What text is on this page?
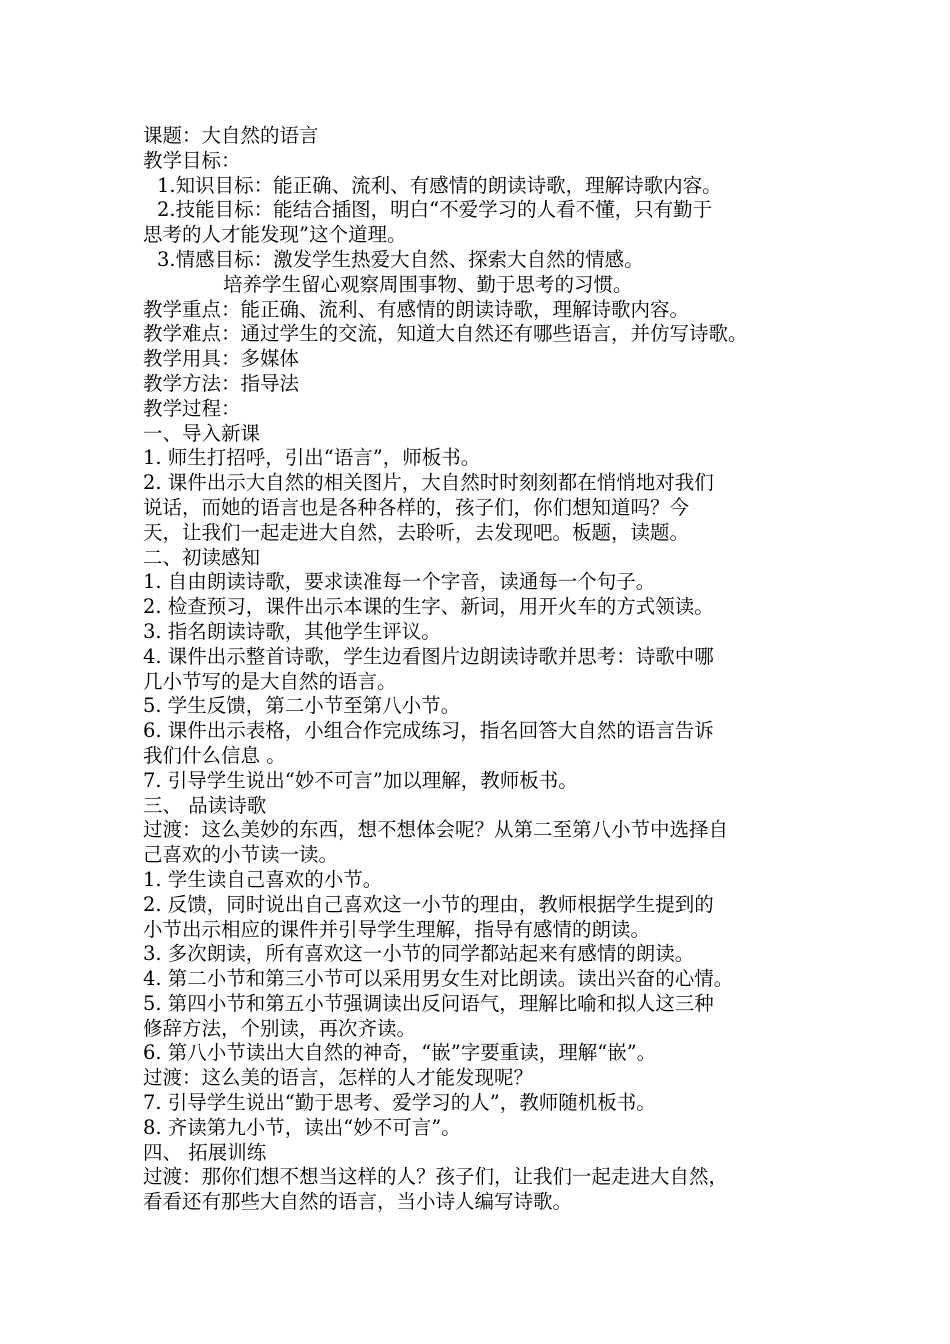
课题：大自然的语言
教学目标：
1.知识目标：能正确、流利、有感情的朗读诗歌，理解诗歌内容。
2.技能目标：能结合插图，明白“不爱学习的人看不懂，只有勤于
思考的人才能发现”这个道理。
3.情感目标：激发学生热爱大自然、探索大自然的情感。
培养学生留心观察周围事物、勤于思考的习惯。
教学重点：能正确、流利、有感情的朗读诗歌，理解诗歌内容。
教学难点：通过学生的交流，知道大自然还有哪些语言，并仿写诗歌。
教学用具：多媒体
教学方法：指导法
教学过程：
一、导入新课
1. 师生打招呼，引出“语言”，师板书。
2. 课件出示大自然的相关图片，大自然时时刻刻都在悄悄地对我们
说话，而她的语言也是各种各样的，孩子们，你们想知道吗？今
天，让我们一起走进大自然，去聆听，去发现吧。板题，读题。
二、初读感知
1. 自由朗读诗歌，要求读准每一个字音，读通每一个句子。
2. 检查预习，课件出示本课的生字、新词，用开火车的方式领读。
3. 指名朗读诗歌，其他学生评议。
4. 课件出示整首诗歌，学生边看图片边朗读诗歌并思考：诗歌中哪
几小节写的是大自然的语言。
5. 学生反馈，第二小节至第八小节。
6. 课件出示表格，小组合作完成练习，指名回答大自然的语言告诉
我们什么信息 。
7. 引导学生说出“妙不可言”加以理解，教师板书。
三、 品读诗歌
过渡：这么美妙的东西，想不想体会呢？从第二至第八小节中选择自
己喜欢的小节读一读。
1. 学生读自己喜欢的小节。
2. 反馈，同时说出自己喜欢这一小节的理由，教师根据学生提到的
小节出示相应的课件并引导学生理解，指导有感情的朗读。
3. 多次朗读，所有喜欢这一小节的同学都站起来有感情的朗读。
4. 第二小节和第三小节可以采用男女生对比朗读。读出兴奋的心情。
5. 第四小节和第五小节强调读出反问语气，理解比喻和拟人这三种
修辞方法，个别读，再次齐读。
6. 第八小节读出大自然的神奇，“嵌”字要重读，理解“嵌”。
过渡：这么美的语言，怎样的人才能发现呢？
7. 引导学生说出“勤于思考、爱学习的人”，教师随机板书。
8. 齐读第九小节，读出“妙不可言”。
四、 拓展训练
过渡：那你们想不想当这样的人？孩子们，让我们一起走进大自然，
看看还有那些大自然的语言，当小诗人编写诗歌。
